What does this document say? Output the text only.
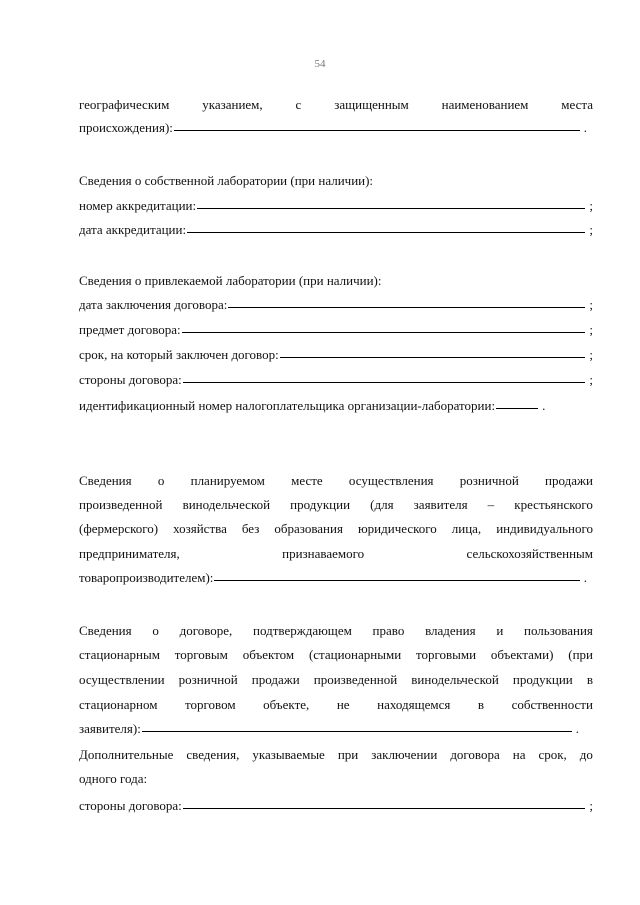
54
географическим	указанием,	с	защищенным	наименованием	места
происхождения):	.
Сведения о собственной лаборатории (при наличии):
номер аккредитации:	;
дата аккредитации:	;
Сведения о привлекаемой лаборатории (при наличии):
дата заключения договора:	;
предмет договора:	;
срок, на который заключен договор:	;
стороны договора:	;
идентификационный номер налогоплательщика организации-лаборатории:	.
Сведения о планируемом месте осуществления розничной продажи
произведенной винодельческой продукции (для заявителя – крестьянского
(фермерского) хозяйства без образования юридического лица, индивидуального
предпринимателя,	признаваемого	сельскохозяйственным
товаропроизводителем):	.
Сведения о договоре, подтверждающем право владения и пользования
стационарным торговым объектом (стационарными торговыми объектами) (при
осуществлении розничной продажи произведенной винодельческой продукции в
стационарном торговом объекте, не находящемся в собственности
заявителя):	.
Дополнительные сведения, указываемые при заключении договора на срок, до
одного года:
стороны договора:	;
